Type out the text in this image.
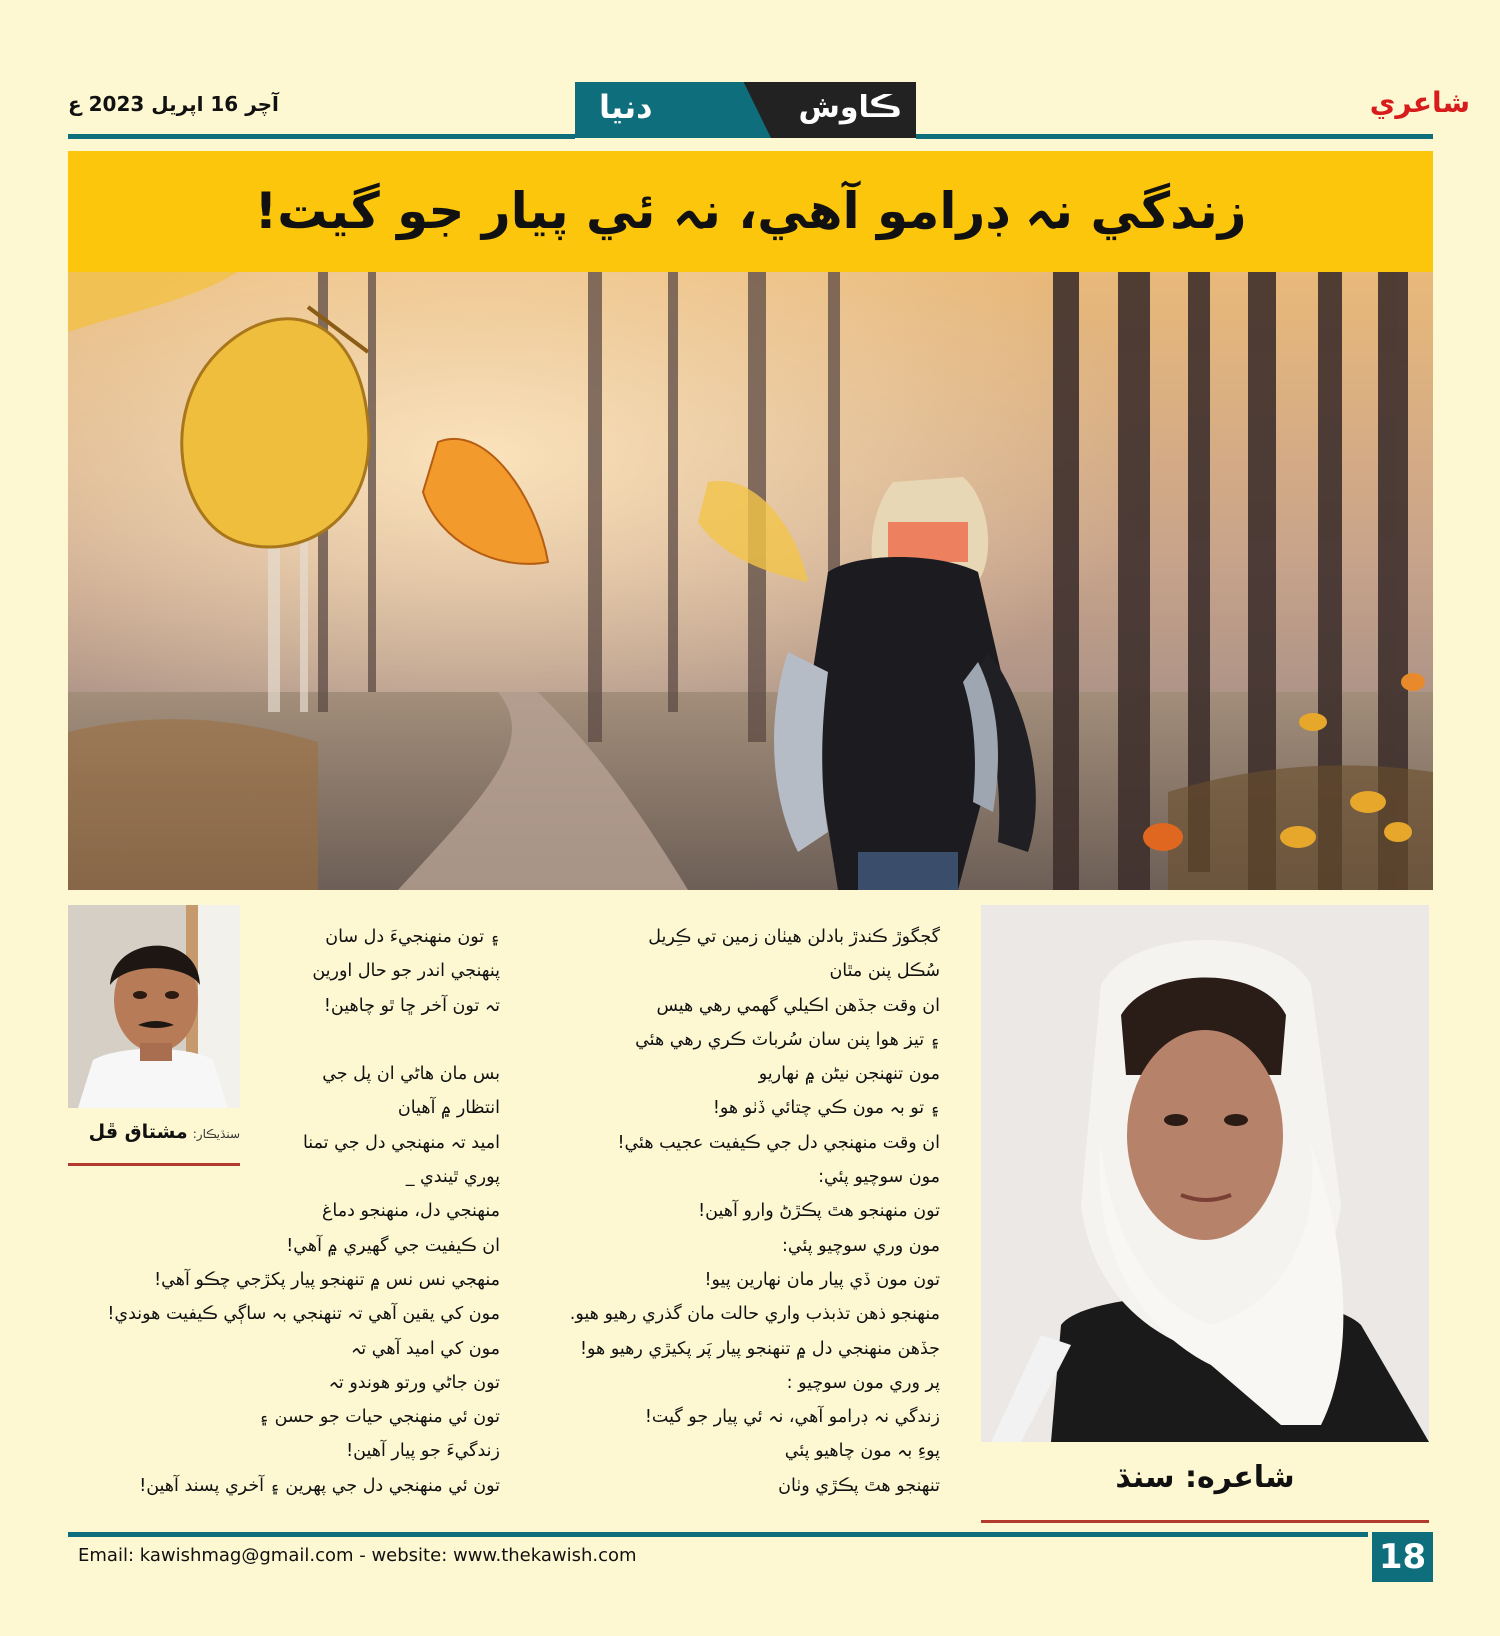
شاعري
آچر 16 اپريل 2023 ع	دنيا	ڪاوش
زندگي نہ ڊرامو آهي، نہ ئي پيار جو گيت!
سنڌيڪار: مشتاق ڦل
گجگوڙ ڪندڙ بادلن هيٺان زمين تي ڪِريل
سُڪل پنن مٿان
ان وقت جڏهن اڪيلي گهمي رهي هيس
۽ تيز هوا پنن سان سُرباٽ ڪري رهي هئي
مون تنهنجن نيڻن ۾ نهاريو
۽ تو بہ مون ڪي چتائي ڏٺو هو!
ان وقت منهنجي دل جي ڪيفيت عجيب هئي!
مون سوچيو پئي:
تون منهنجو هٿ پڪڙڻ وارو آهين!
مون وري سوچيو پئي:
تون مون ڏي پيار مان نهارين پيو!
منهنجو ذهن تذبذب واري حالت مان گذري رهيو هيو.
جڏهن منهنجي دل ۾ تنهنجو پيار پَر پکيڙي رهيو هو!
پر وري مون سوچيو :
زندگي نہ ڊرامو آهي، نہ ئي پيار جو گيت!
پوءِ بہ مون چاهيو پئي
تنهنجو هٿ پڪڙي وٺان
۽ تون منهنجيءَ دل سان
پنهنجي اندر جو حال اورين
تہ تون آخر ڇا ٿو چاهين!
بس مان هاڻي ان پل جي
انتظار ۾ آهيان
اميد تہ منهنجي دل جي تمنا
پوري ٿيندي _
منهنجي دل، منهنجو دماغ
ان ڪيفيت جي گهيري ۾ آهي!
منهجي نس نس ۾ تنهنجو پيار پکڙجي چڪو آهي!
مون کي يقين آهي تہ تنهنجي بہ ساڳي ڪيفيت هوندي!
مون کي اميد آهي تہ
تون جاڻي ورتو هوندو تہ
تون ئي منهنجي حيات جو حسن ۽
زندگيءَ جو پيار آهين!
تون ئي منهنجي دل جي پهرين ۽ آخري پسند آهين!	شاعره: سنڌ
Email: kawishmag@gmail.com - website: www.thekawish.com	18
